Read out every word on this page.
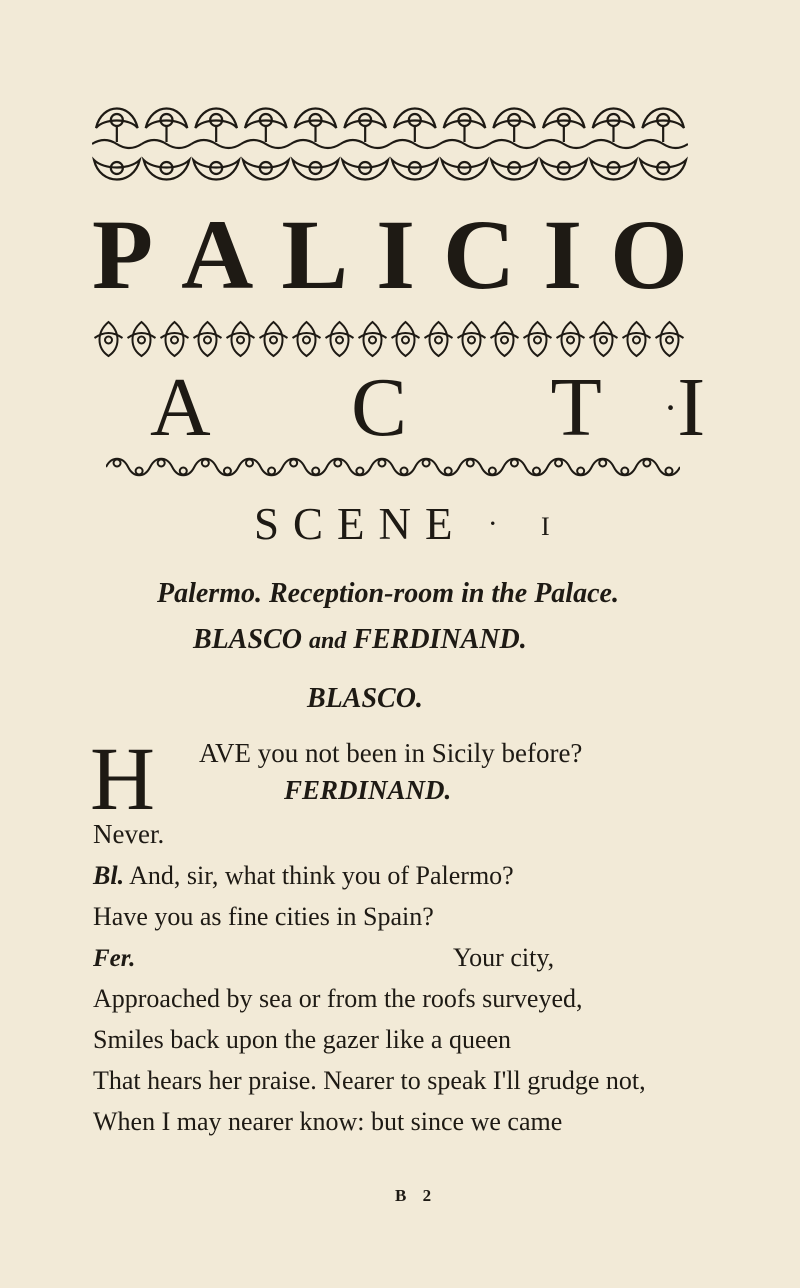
P A L I C I O
A C T · I
SCENE · I
Palermo. Reception-room in the Palace.
BLASCO and FERDINAND.
BLASCO.
H AVE you not been in Sicily before?
FERDINAND.
Never.
Bl. And, sir, what think you of Palermo?
Have you as fine cities in Spain?
Fer.	Your city,
Approached by sea or from the roofs surveyed,
Smiles back upon the gazer like a queen
That hears her praise. Nearer to speak I'll grudge not,
When I may nearer know: but since we came
B 2
